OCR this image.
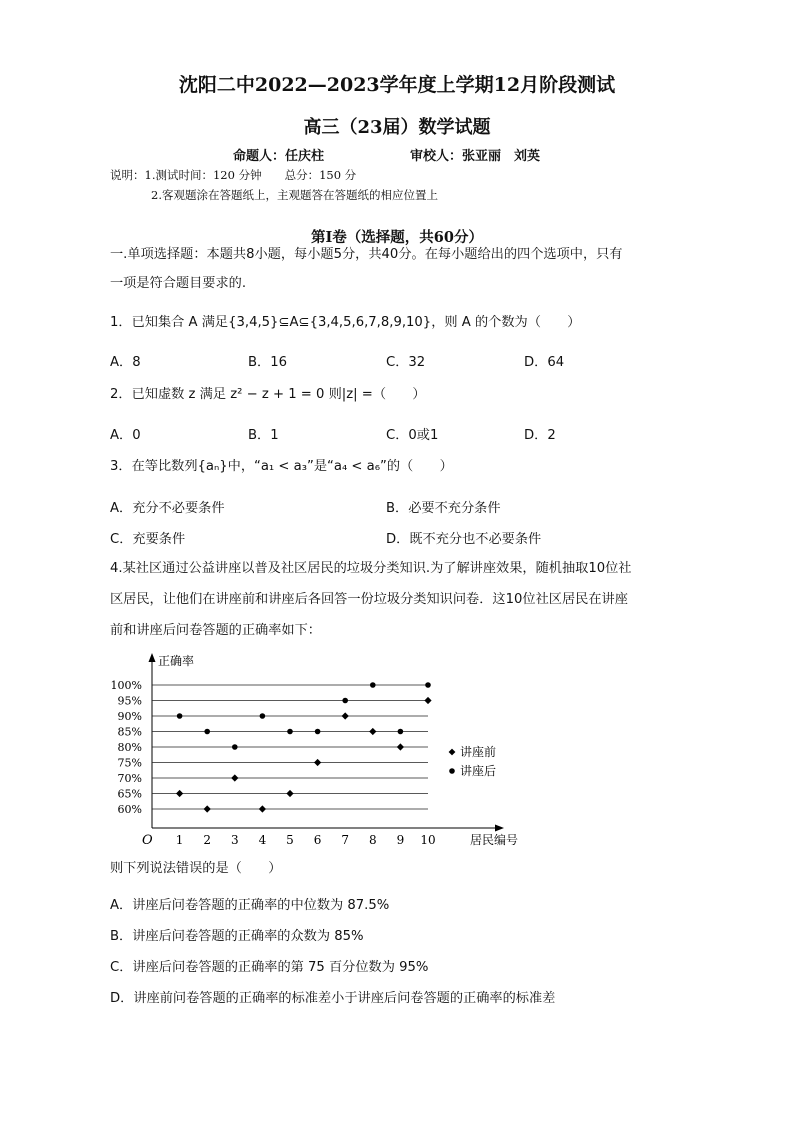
沈阳二中2022—2023学年度上学期12月阶段测试
高三（23届）数学试题
命题人：任庆柱	审校人：张亚丽　刘英
说明：1.测试时间：120 分钟　　总分：150 分
2.客观题涂在答题纸上，主观题答在答题纸的相应位置上
第Ⅰ卷（选择题，共60分）
一.单项选择题：本题共8小题，每小题5分，共40分。在每小题给出的四个选项中，只有
一项是符合题目要求的.
1．已知集合 A 满足{3,4,5}⊆A⊆{3,4,5,6,7,8,9,10}，则 A 的个数为（　　）
A．8	B．16	C．32	D．64
2．已知虚数 z 满足 z² − z + 1 = 0 则|z| =（　　）
A．0	B．1	C．0或1	D．2
3．在等比数列{aₙ}中，“a₁ < a₃”是“a₄ < a₆”的（　　）
A．充分不必要条件	B．必要不充分条件
C．充要条件	D．既不充分也不必要条件
4.某社区通过公益讲座以普及社区居民的垃圾分类知识.为了解讲座效果，随机抽取10位社
区居民，让他们在讲座前和讲座后各回答一份垃圾分类知识问卷．这10位社区居民在讲座
前和讲座后问卷答题的正确率如下：
正确率
居民编号
O
60%
65%
70%
75%
80%
85%
90%
95%
100%
1 2 3 4 5 6 7 8 9 10
讲座前
讲座后
则下列说法错误的是（　　）
A．讲座后问卷答题的正确率的中位数为 87.5%
B．讲座后问卷答题的正确率的众数为 85%
C．讲座后问卷答题的正确率的第 75 百分位数为 95%
D．讲座前问卷答题的正确率的标准差小于讲座后问卷答题的正确率的标准差
